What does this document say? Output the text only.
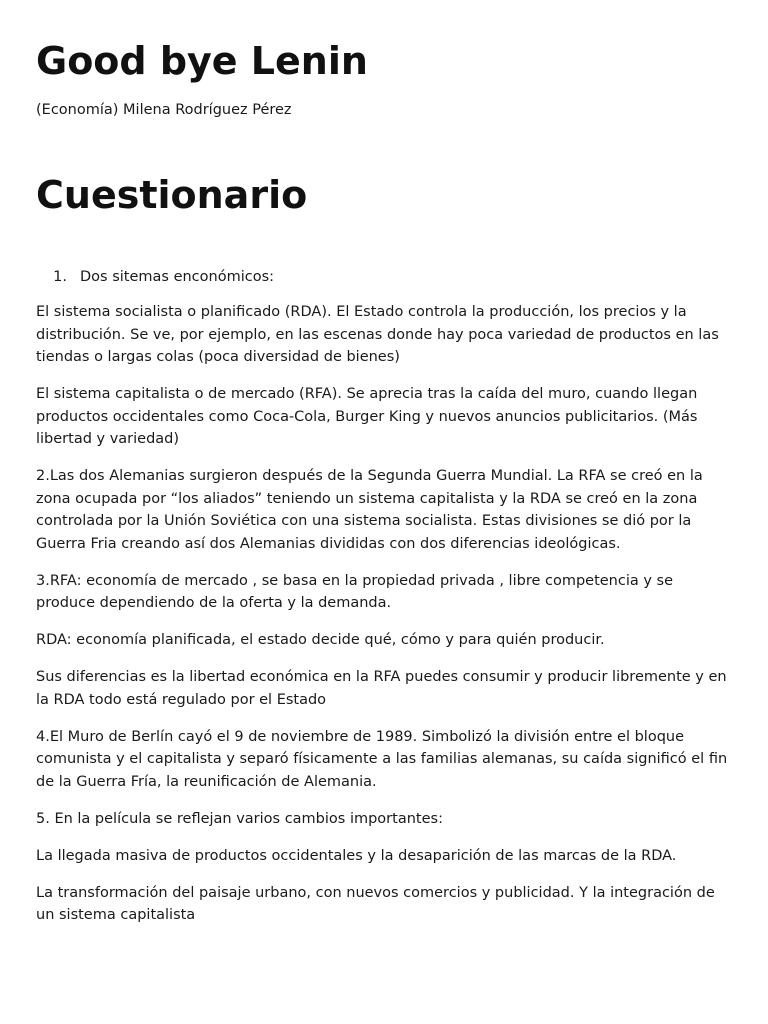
Good bye Lenin
(Economía) Milena Rodríguez Pérez
Cuestionario
1. Dos sitemas enconómicos:

El sistema socialista o planificado (RDA). El Estado controla la producción, los precios y la distribución. Se ve, por ejemplo, en las escenas donde hay poca variedad de productos en las tiendas o largas colas (poca diversidad de bienes)

El sistema capitalista o de mercado (RFA). Se aprecia tras la caída del muro, cuando llegan productos occidentales como Coca-Cola, Burger King y nuevos anuncios publicitarios. (Más libertad y variedad)

2.Las dos Alemanias surgieron después de la Segunda Guerra Mundial. La RFA se creó en la zona ocupada por “los aliados” teniendo un sistema capitalista y la RDA se creó en la zona controlada por la Unión Soviética con una sistema socialista. Estas divisiones se dió por la Guerra Fria creando así dos Alemanias divididas con dos diferencias ideológicas.

3.RFA: economía de mercado , se basa en la propiedad privada , libre competencia y se produce dependiendo de la oferta y la demanda.

RDA: economía planificada, el estado decide qué, cómo y para quién producir.

Sus diferencias es la libertad económica en la RFA puedes consumir y producir libremente y en la RDA todo está regulado por el Estado

4.El Muro de Berlín cayó el 9 de noviembre de 1989. Simbolizó la división entre el bloque comunista y el capitalista y separó físicamente a las familias alemanas, su caída significó el fin de la Guerra Fría, la reunificación de Alemania.

5. En la película se reflejan varios cambios importantes:

La llegada masiva de productos occidentales y la desaparición de las marcas de la RDA.

La transformación del paisaje urbano, con nuevos comercios y publicidad. Y la integración de un sistema capitalista
